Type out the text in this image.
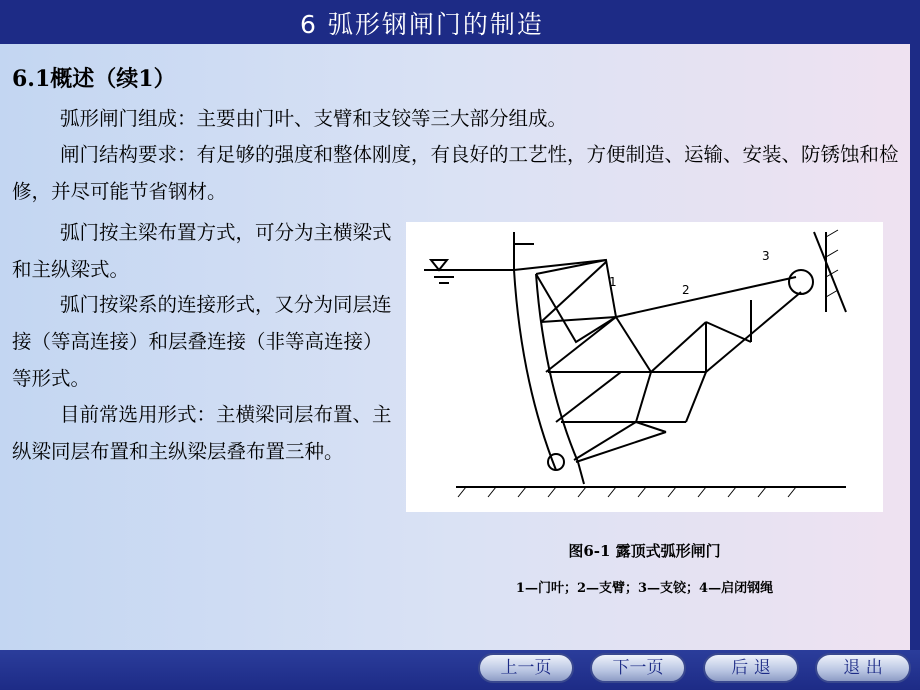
6 弧形钢闸门的制造
6.1概述（续1）
弧形闸门组成：主要由门叶、支臂和支铰等三大部分组成。
闸门结构要求：有足够的强度和整体刚度，有良好的工艺性，方便制造、运输、安装、防锈蚀和检修，并尽可能节省钢材。
弧门按主梁布置方式，可分为主横梁式和主纵梁式。
弧门按梁系的连接形式，又分为同层连接（等高连接）和层叠连接（非等高连接）等形式。
目前常选用形式：主横梁同层布置、主纵梁同层布置和主纵梁层叠布置三种。
1
2
3
图6-1 露顶式弧形闸门
1—门叶；2—支臂；3—支铰；4—启闭钢绳
上一页	下一页	后 退	退 出
